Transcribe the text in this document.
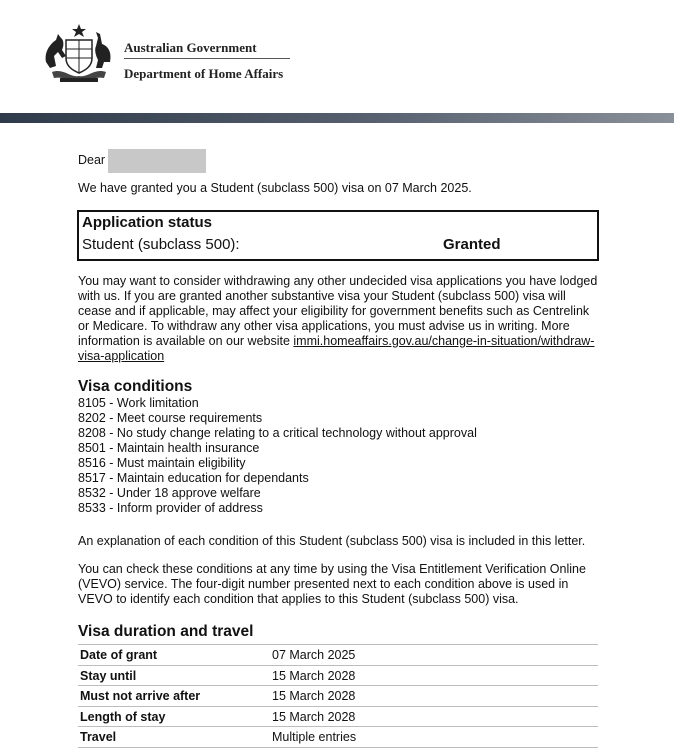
Australian Government
Department of Home Affairs
Dear
We have granted you a Student (subclass 500) visa on 07 March 2025.
Application status
Student (subclass 500):	Granted
You may want to consider withdrawing any other undecided visa applications you have lodged with us. If you are granted another substantive visa your Student (subclass 500) visa will cease and if applicable, may affect your eligibility for government benefits such as Centrelink or Medicare. To withdraw any other visa applications, you must advise us in writing. More information is available on our website immi.homeaffairs.gov.au/change-in-situation/withdraw-visa-application
Visa conditions
8105 - Work limitation
8202 - Meet course requirements
8208 - No study change relating to a critical technology without approval
8501 - Maintain health insurance
8516 - Must maintain eligibility
8517 - Maintain education for dependants
8532 - Under 18 approve welfare
8533 - Inform provider of address
An explanation of each condition of this Student (subclass 500) visa is included in this letter.
You can check these conditions at any time by using the Visa Entitlement Verification Online (VEVO) service. The four-digit number presented next to each condition above is used in VEVO to identify each condition that applies to this Student (subclass 500) visa.
Visa duration and travel
Date of grant	07 March 2025
Stay until	15 March 2028
Must not arrive after	15 March 2028
Length of stay	15 March 2028
Travel	Multiple entries
